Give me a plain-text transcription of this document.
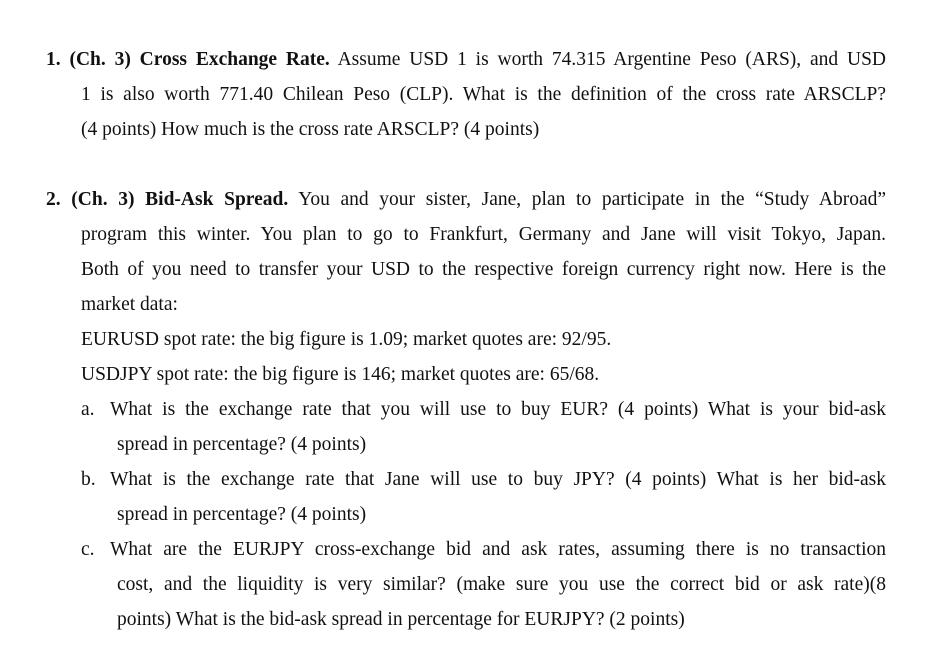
1. (Ch. 3) Cross Exchange Rate. Assume USD 1 is worth 74.315 Argentine Peso (ARS), and USD
1 is also worth 771.40 Chilean Peso (CLP). What is the definition of the cross rate ARSCLP?
(4 points) How much is the cross rate ARSCLP? (4 points)
2. (Ch. 3) Bid-Ask Spread. You and your sister, Jane, plan to participate in the “Study Abroad”
program this winter. You plan to go to Frankfurt, Germany and Jane will visit Tokyo, Japan.
Both of you need to transfer your USD to the respective foreign currency right now. Here is the
market data:
EURUSD spot rate: the big figure is 1.09; market quotes are: 92/95.
USDJPY spot rate: the big figure is 146; market quotes are: 65/68.
a. What is the exchange rate that you will use to buy EUR? (4 points) What is your bid-ask
spread in percentage? (4 points)
b. What is the exchange rate that Jane will use to buy JPY? (4 points) What is her bid-ask
spread in percentage? (4 points)
c. What are the EURJPY cross-exchange bid and ask rates, assuming there is no transaction
cost, and the liquidity is very similar? (make sure you use the correct bid or ask rate)(8
points) What is the bid-ask spread in percentage for EURJPY? (2 points)
